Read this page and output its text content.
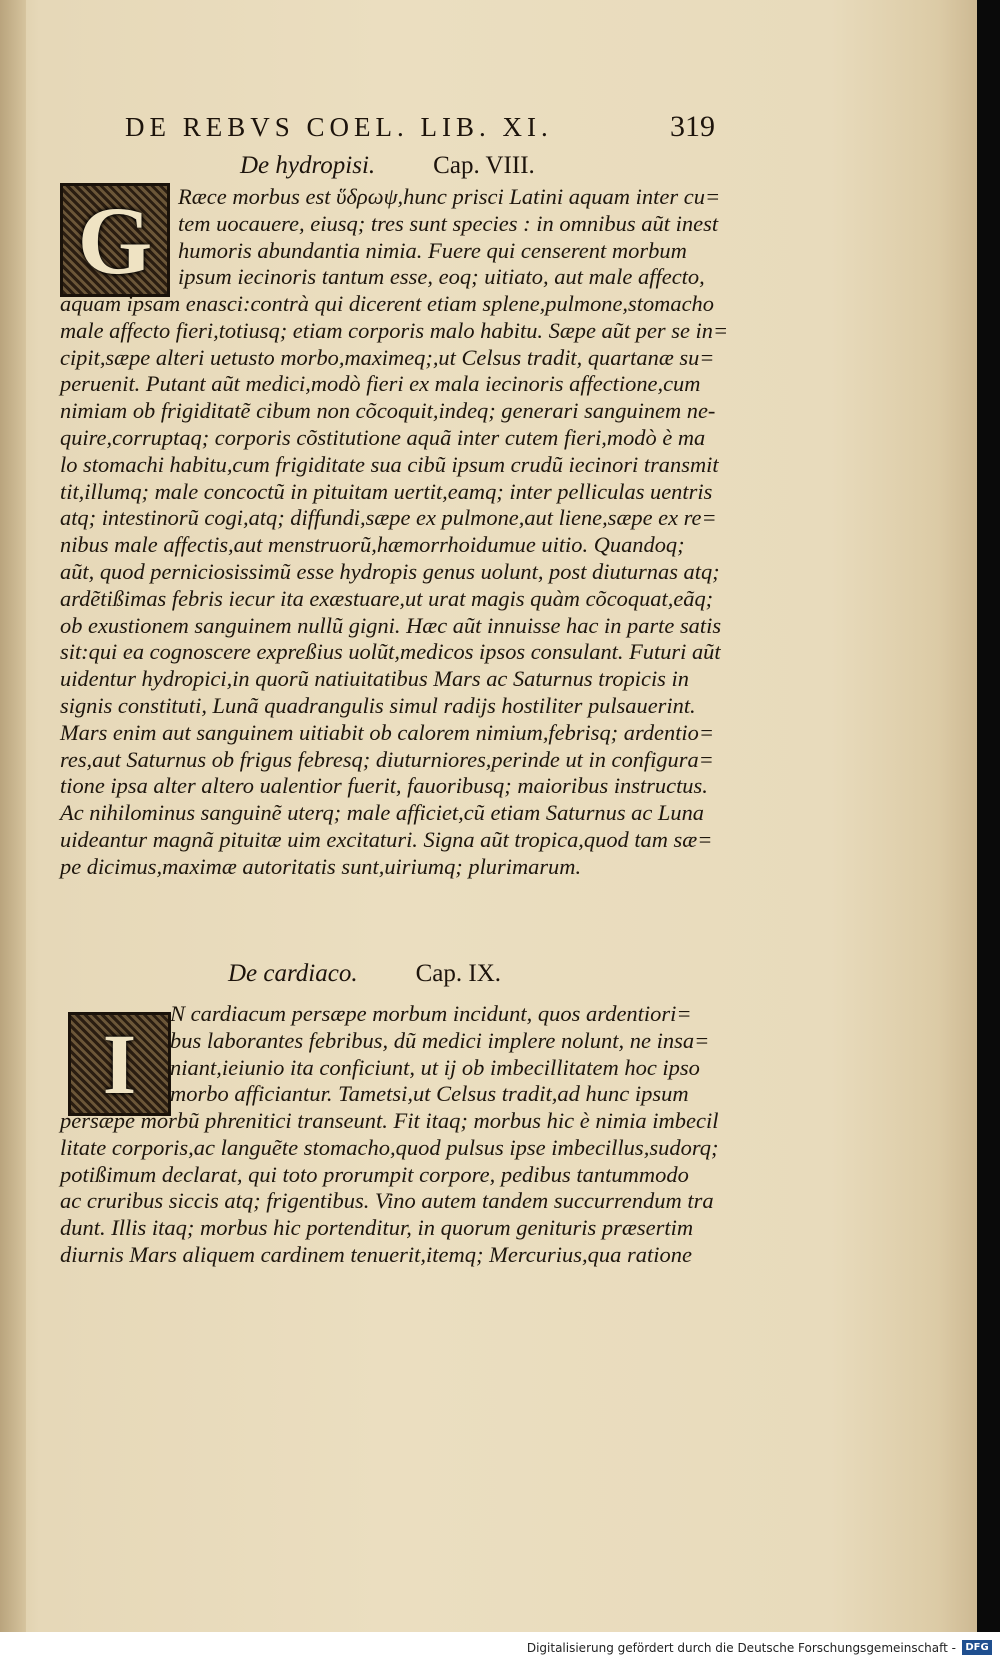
DE REBVS COEL. LIB. XI.	319
De hydropisi. Cap. VIII.
G Ræce morbus est ὕδρωψ,hunc prisci Latini aquam inter cu=
tem uocauere, eiusq; tres sunt species : in omnibus aũt inest
humoris abundantia nimia. Fuere qui censerent morbum
ipsum iecinoris tantum esse, eoq; uitiato, aut male affecto,
aquam ipsam enasci:contrà qui dicerent etiam splene,pulmone,stomacho
male affecto fieri,totiusq; etiam corporis malo habitu. Sæpe aũt per se in=
cipit,sæpe alteri uetusto morbo,maximeq;,ut Celsus tradit, quartanæ su=
peruenit. Putant aũt medici,modò fieri ex mala iecinoris affectione,cum
nimiam ob frigiditatẽ cibum non cõcoquit,indeq; generari sanguinem ne-
quire,corruptaq; corporis cõstitutione aquã inter cutem fieri,modò è ma
lo stomachi habitu,cum frigiditate sua cibũ ipsum crudũ iecinori transmit
tit,illumq; male concoctũ in pituitam uertit,eamq; inter pelliculas uentris
atq; intestinorũ cogi,atq; diffundi,sæpe ex pulmone,aut liene,sæpe ex re=
nibus male affectis,aut menstruorũ,hæmorrhoidumue uitio. Quandoq;
aũt, quod perniciosissimũ esse hydropis genus uolunt, post diuturnas atq;
ardẽtißimas febris iecur ita exæstuare,ut urat magis quàm cõcoquat,eãq;
ob exustionem sanguinem nullũ gigni. Hæc aũt innuisse hac in parte satis
sit:qui ea cognoscere expreßius uolũt,medicos ipsos consulant. Futuri aũt
uidentur hydropici,in quorũ natiuitatibus Mars ac Saturnus tropicis in
signis constituti, Lunã quadrangulis simul radijs hostiliter pulsauerint.
Mars enim aut sanguinem uitiabit ob calorem nimium,febrisq; ardentio=
res,aut Saturnus ob frigus febresq; diuturniores,perinde ut in configura=
tione ipsa alter altero ualentior fuerit, fauoribusq; maioribus instructus.
Ac nihilominus sanguinẽ uterq; male afficiet,cũ etiam Saturnus ac Luna
uideantur magnã pituitæ uim excitaturi. Signa aũt tropica,quod tam sæ=
pe dicimus,maximæ autoritatis sunt,uiriumq; plurimarum.
De cardiaco. Cap. IX.
I
N cardiacum persæpe morbum incidunt, quos ardentiori=
bus laborantes febribus, dũ medici implere nolunt, ne insa=
niant,ieiunio ita conficiunt, ut ij ob imbecillitatem hoc ipso
morbo afficiantur. Tametsi,ut Celsus tradit,ad hunc ipsum
persæpe morbũ phrenitici transeunt. Fit itaq; morbus hic è nimia imbecil
litate corporis,ac languẽte stomacho,quod pulsus ipse imbecillus,sudorq;
potißimum declarat, qui toto prorumpit corpore, pedibus tantummodo
ac cruribus siccis atq; frigentibus. Vino autem tandem succurrendum tra
dunt. Illis itaq; morbus hic portenditur, in quorum genituris præsertim
diurnis Mars aliquem cardinem tenuerit,itemq; Mercurius,qua ratione
Digitalisierung gefördert durch die Deutsche Forschungsgemeinschaft - DFG
